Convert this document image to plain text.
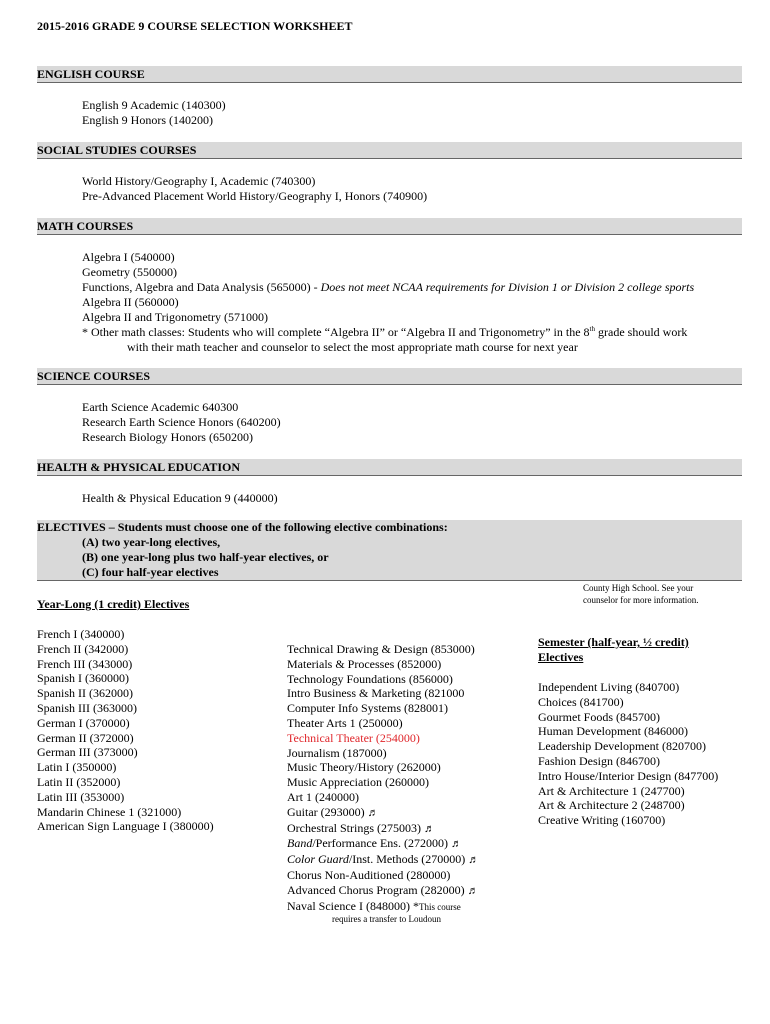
2015-2016 GRADE 9 COURSE SELECTION WORKSHEET
ENGLISH COURSE
English 9 Academic (140300)
English 9 Honors (140200)
SOCIAL STUDIES COURSES
World History/Geography I, Academic (740300)
Pre-Advanced Placement World History/Geography I, Honors (740900)
MATH COURSES
Algebra I (540000)
Geometry (550000)
Functions, Algebra and Data Analysis (565000) - Does not meet NCAA requirements for Division 1 or Division 2 college sports
Algebra II (560000)
Algebra II and Trigonometry (571000)
* Other math classes: Students who will complete “Algebra II” or “Algebra II and Trigonometry” in the 8th grade should work
with their math teacher and counselor to select the most appropriate math course for next year
SCIENCE COURSES
Earth Science Academic 640300
Research Earth Science Honors (640200)
Research Biology Honors (650200)
HEALTH & PHYSICAL EDUCATION
Health & Physical Education 9 (440000)
ELECTIVES – Students must choose one of the following elective combinations:
(A) two year-long electives,
(B) one year-long plus two half-year electives, or
(C) four half-year electives
County High School. See your
counselor for more information.
Year-Long (1 credit) Electives
French I (340000)
French II (342000)
French III (343000)
Spanish I (360000)
Spanish II (362000)
Spanish III (363000)
German I (370000)
German II (372000)
German III (373000)
Latin I (350000)
Latin II (352000)
Latin III (353000)
Mandarin Chinese 1 (321000)
American Sign Language I (380000)
Technical Drawing & Design (853000)
Materials & Processes (852000)
Technology Foundations (856000)
Intro Business & Marketing (821000
Computer Info Systems (828001)
Theater Arts 1 (250000)
Technical Theater (254000)
Journalism (187000)
Music Theory/History (262000)
Music Appreciation (260000)
Art 1 (240000)
Guitar (293000) ♬
Orchestral Strings (275003) ♬
Band/Performance Ens. (272000) ♬
Color Guard/Inst. Methods (270000) ♬
Chorus Non-Auditioned (280000)
Advanced Chorus Program (282000) ♬
Naval Science I (848000) *This course
requires a transfer to Loudoun
Semester (half-year, ½ credit)
Electives
Independent Living (840700)
Choices (841700)
Gourmet Foods (845700)
Human Development (846000)
Leadership Development (820700)
Fashion Design (846700)
Intro House/Interior Design (847700)
Art & Architecture 1 (247700)
Art & Architecture 2 (248700)
Creative Writing (160700)
